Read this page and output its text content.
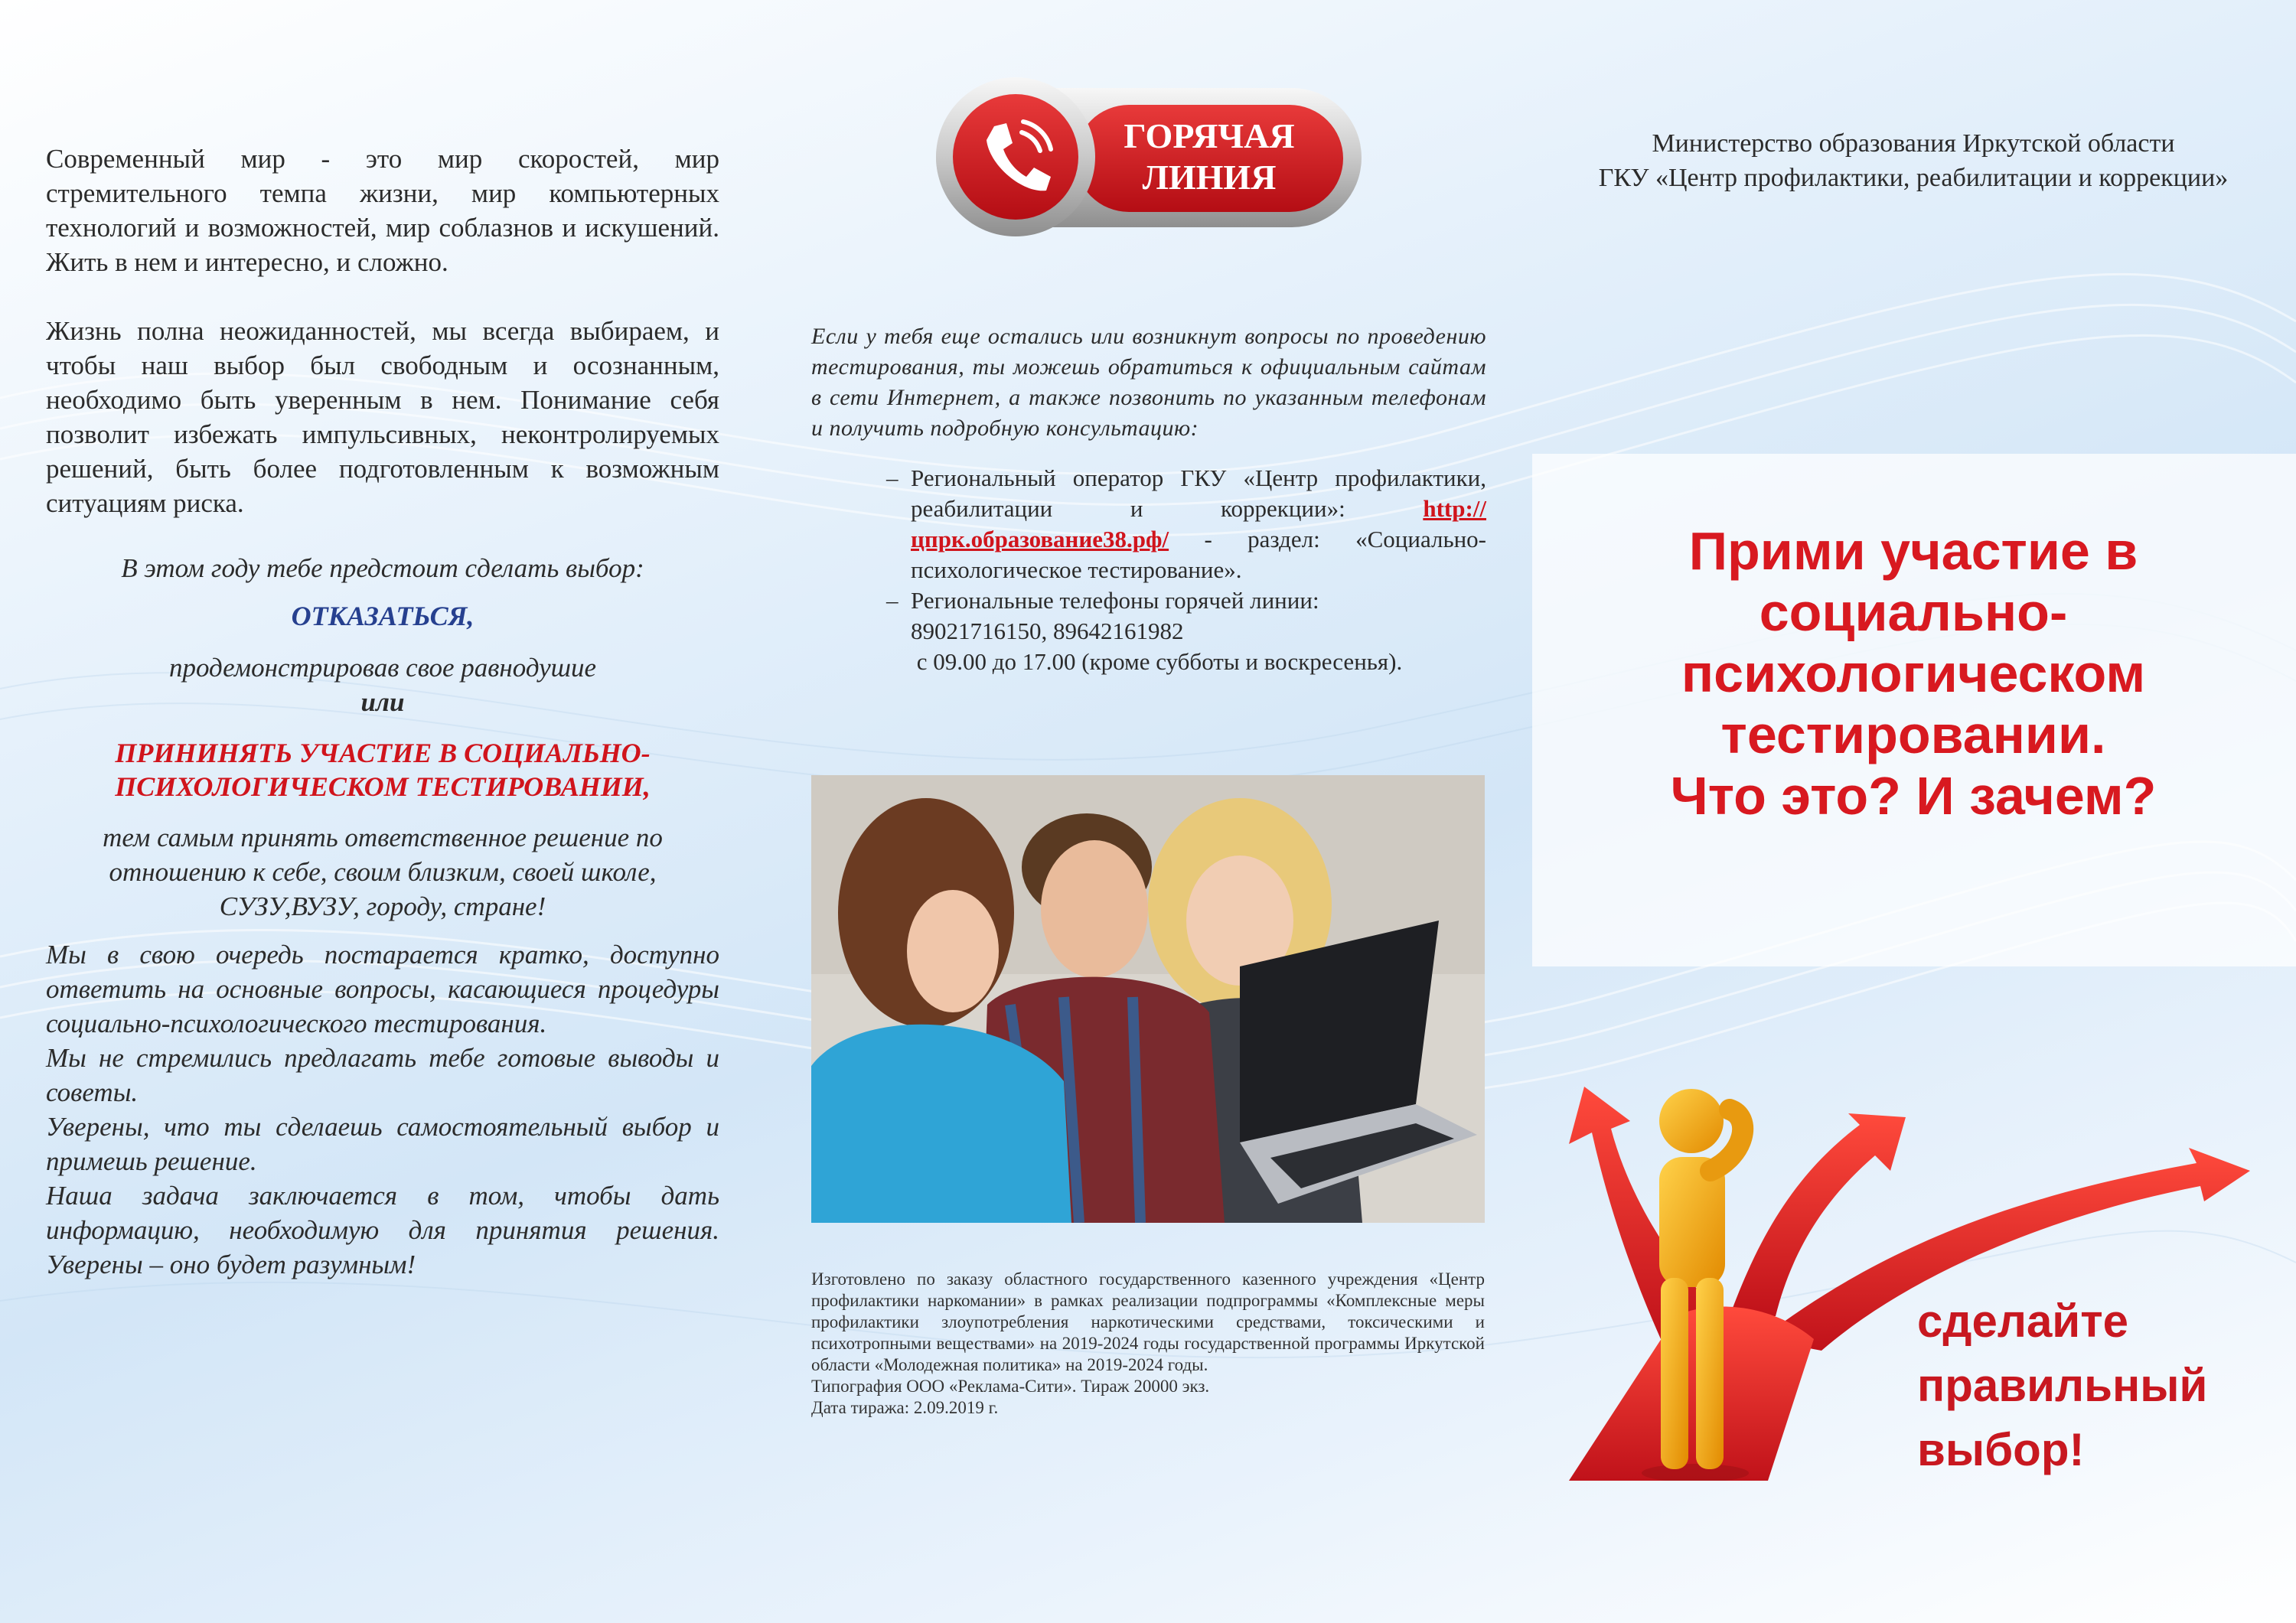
Современный мир - это мир скоростей, мир стремительного темпа жизни, мир компьютерных технологий и возможностей, мир соблазнов и искушений. Жить в нем и интересно, и сложно.

Жизнь полна неожиданностей, мы всегда выбираем, и чтобы наш выбор был свободным и осознанным, необходимо быть уверенным в нем. Понимание себя позволит избежать импульсивных, неконтролируемых решений, быть более подготовленным к возможным ситуациям риска.

В этом году тебе предстоит сделать выбор:

ОТКАЗАТЬСЯ,

продемонстрировав свое равнодушие

или

ПРИНИНЯТЬ УЧАСТИЕ В СОЦИАЛЬНО-ПСИХОЛОГИЧЕСКОМ ТЕСТИРОВАНИИ,

тем самым принять ответственное решение по отношению к себе, своим близким, своей школе, СУЗУ,ВУЗУ, городу, стране!

Мы в свою очередь постарается кратко, доступно ответить на основные вопросы, касающиеся процедуры социально-психологического тестирования.

Мы не стремились предлагать тебе готовые выводы и советы.

Уверены, что ты сделаешь самостоятельный выбор и примешь решение.

Наша задача заключается в том, чтобы дать информацию, необходимую для принятия решения. Уверены – оно будет разумным!

ГОРЯЧАЯ
ЛИНИЯ

Если у тебя еще остались или возникнут вопросы по проведению тестирования, ты можешь обратиться к официальным сайтам в сети Интернет, а также позвонить по указанным телефонам и получить подробную консультацию:

– Региональный оператор ГКУ «Центр профилактики, реабилитации и коррекции»:	http://цпрк.образование38.рф/ - раздел: «Социально-психологическое тестирование».
– Региональные телефоны горячей линии:
89021716150, 89642161982
с 09.00 до 17.00 (кроме субботы и воскресенья).
Изготовлено по заказу областного государственного казенного учреждения «Центр профилактики наркомании» в рамках реализации подпрограммы «Комплексные меры профилактики злоупотребления наркотическими средствами, токсическими и психотропными веществами» на 2019-2024 годы государственной программы Иркутской области «Молодежная политика» на 2019-2024 годы.
Типография ООО «Реклама-Сити». Тираж 20000 экз.
Дата тиража: 2.09.2019 г.
Министерство образования Иркутской области
ГКУ «Центр профилактики, реабилитации и коррекции»
Прими участие в
социально-
психологическом
тестировании.
Что это? И зачем?
сделайте
правильный
выбор!
